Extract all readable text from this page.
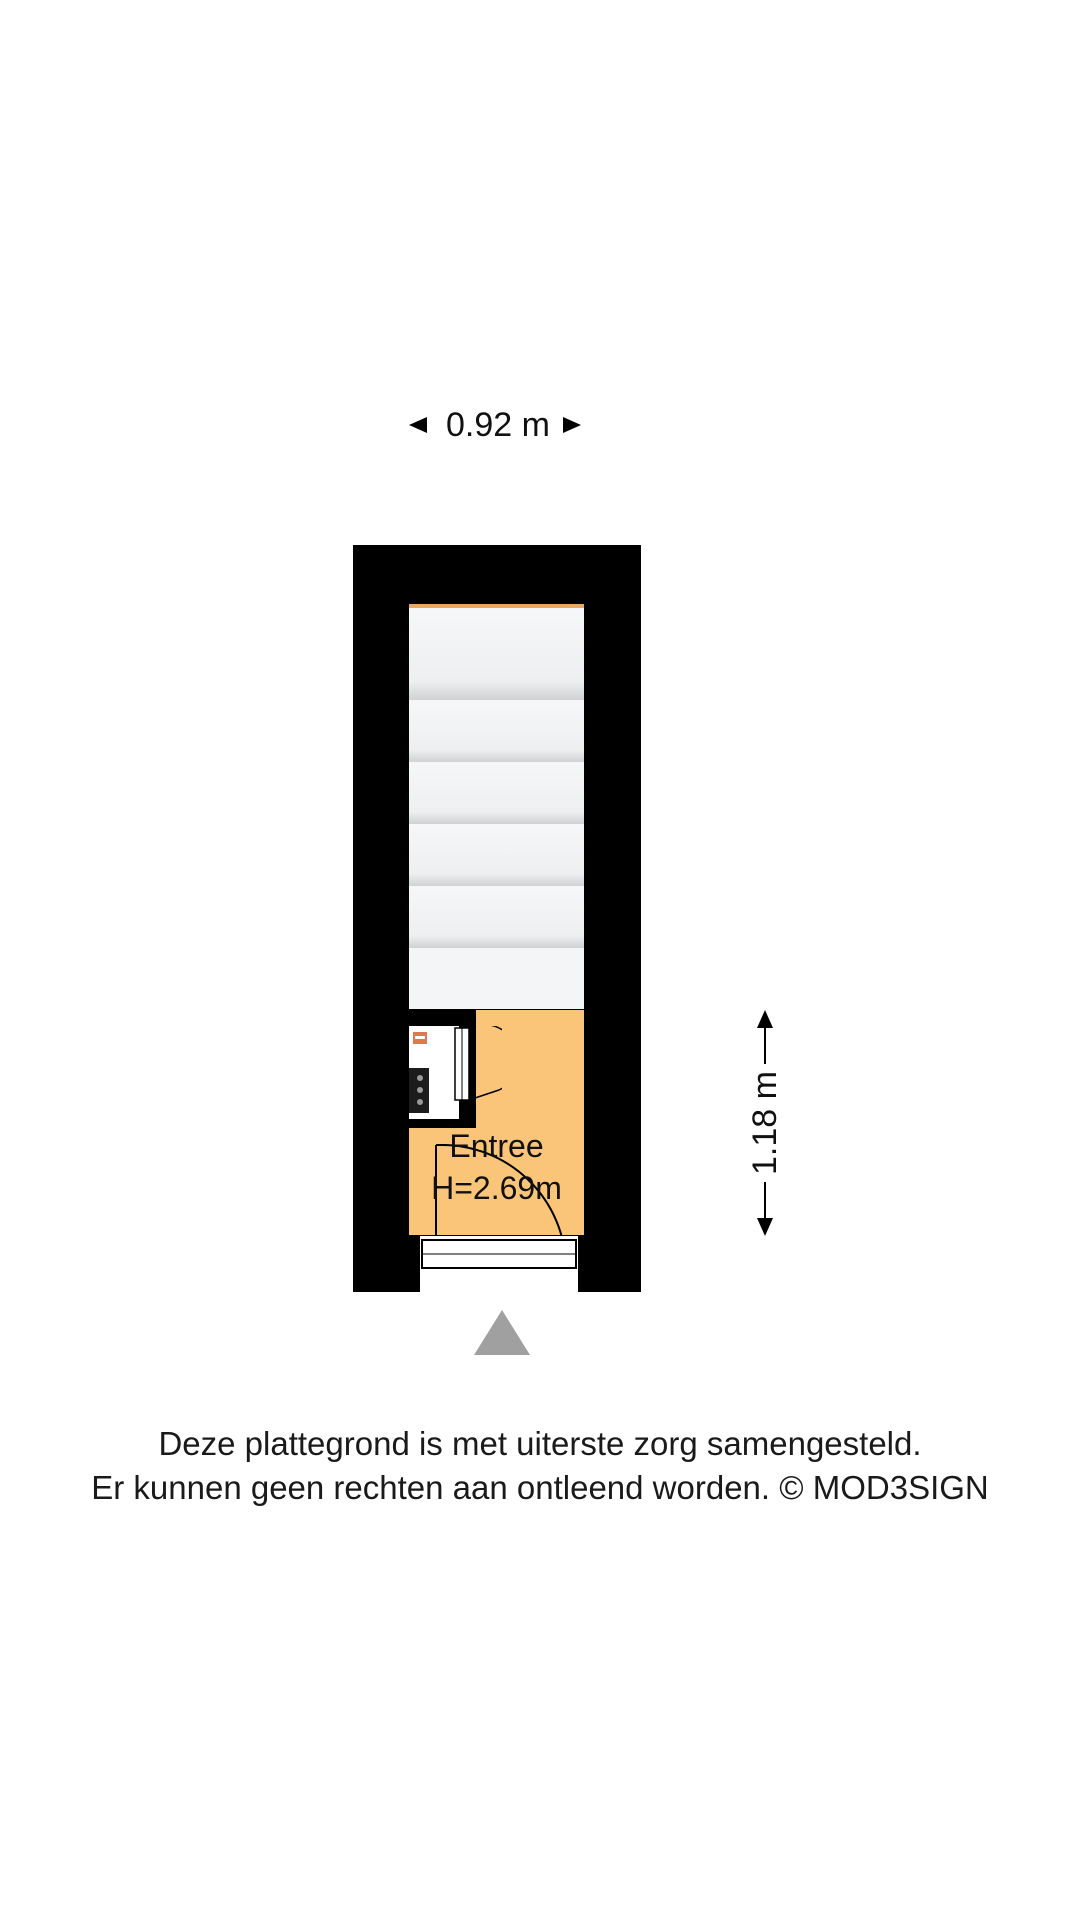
0.92 m
1.18 m
Entree
H=2.69m
Deze plattegrond is met uiterste zorg samengesteld.
Er kunnen geen rechten aan ontleend worden. © MOD3SIGN
